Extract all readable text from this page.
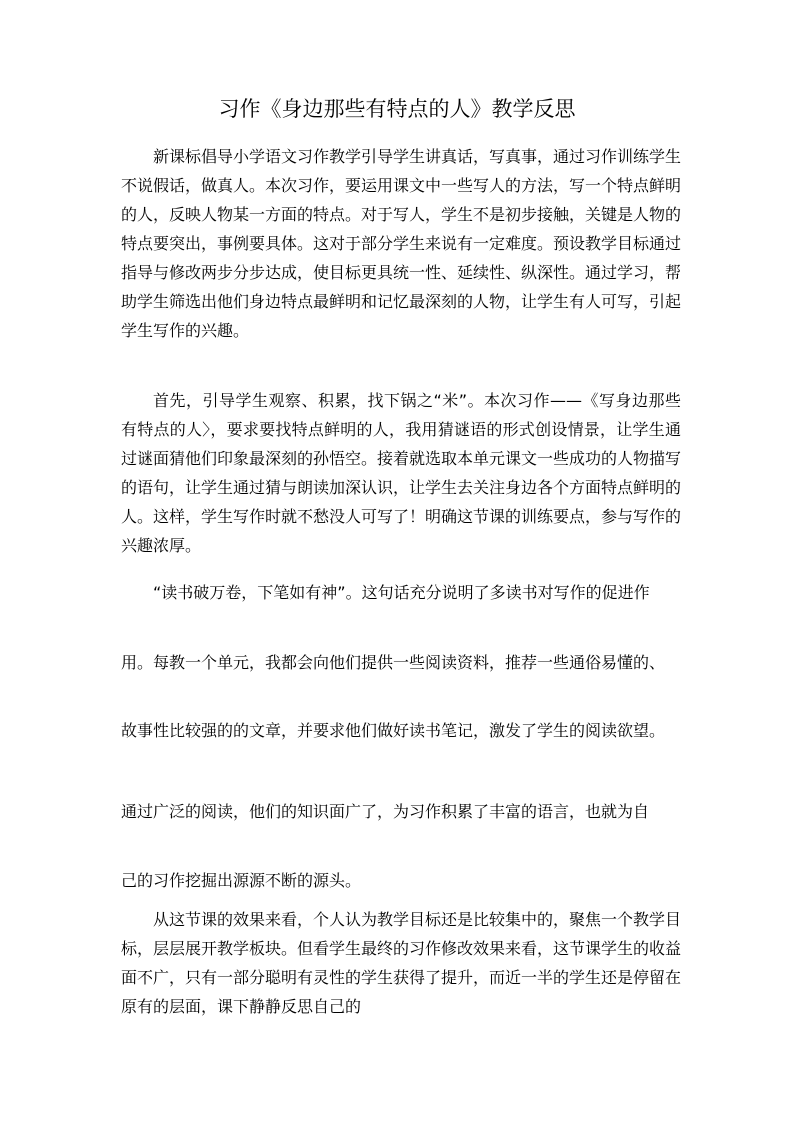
习作《身边那些有特点的人》教学反思

新课标倡导小学语文习作教学引导学生讲真话，写真事，通过习作训练学生不说假话，做真人。本次习作，要运用课文中一些写人的方法，写一个特点鲜明的人，反映人物某一方面的特点。对于写人，学生不是初步接触，关键是人物的特点要突出，事例要具体。这对于部分学生来说有一定难度。预设教学目标通过指导与修改两步分步达成，使目标更具统一性、延续性、纵深性。通过学习，帮助学生筛选出他们身边特点最鲜明和记忆最深刻的人物，让学生有人可写，引起学生写作的兴趣。

首先，引导学生观察、积累，找下锅之“米”。本次习作——《写身边那些有特点的人〉，要求要找特点鲜明的人，我用猜谜语的形式创设情景，让学生通过谜面猜他们印象最深刻的孙悟空。接着就选取本单元课文一些成功的人物描写的语句，让学生通过猜与朗读加深认识，让学生去关注身边各个方面特点鲜明的人。这样，学生写作时就不愁没人可写了！明确这节课的训练要点，参与写作的兴趣浓厚。

“读书破万卷，下笔如有神”。这句话充分说明了多读书对写作的促进作

用。每教一个单元，我都会向他们提供一些阅读资料，推荐一些通俗易懂的、

故事性比较强的的文章，并要求他们做好读书笔记，激发了学生的阅读欲望。

通过广泛的阅读，他们的知识面广了，为习作积累了丰富的语言，也就为自

己的习作挖掘出源源不断的源头。

从这节课的效果来看，个人认为教学目标还是比较集中的，聚焦一个教学目标，层层展开教学板块。但看学生最终的习作修改效果来看，这节课学生的收益面不广，只有一部分聪明有灵性的学生获得了提升，而近一半的学生还是停留在原有的层面，课下静静反思自己的
